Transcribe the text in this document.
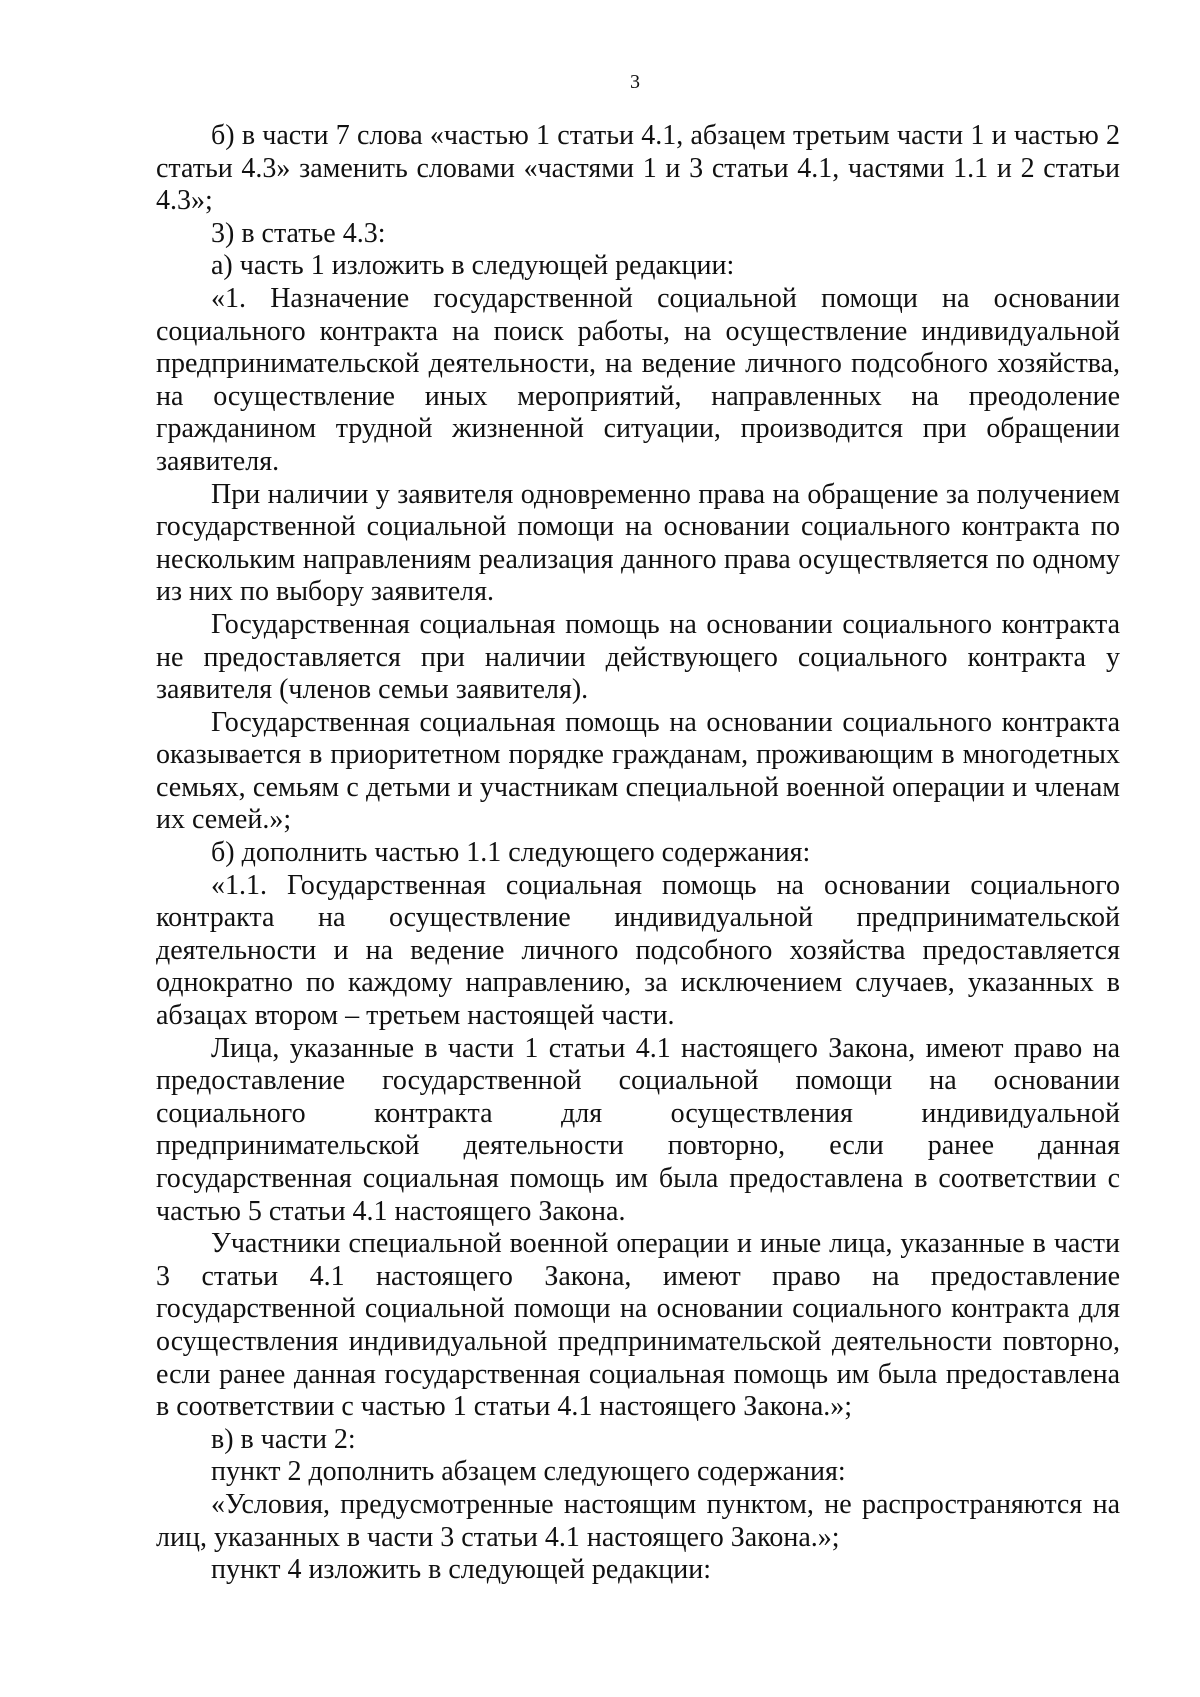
3

б) в части 7 слова «частью 1 статьи 4.1, абзацем третьим части 1 и частью 2 статьи 4.3» заменить словами «частями 1 и 3 статьи 4.1, частями 1.1 и 2 статьи 4.3»;

3) в статье 4.3:

а) часть 1 изложить в следующей редакции:

«1. Назначение государственной социальной помощи на основании социального контракта на поиск работы, на осуществление индивидуальной предпринимательской деятельности, на ведение личного подсобного хозяйства, на осуществление иных мероприятий, направленных на преодоление гражданином трудной жизненной ситуации, производится при обращении заявителя.

При наличии у заявителя одновременно права на обращение за получением государственной социальной помощи на основании социального контракта по нескольким направлениям реализация данного права осуществляется по одному из них по выбору заявителя.

Государственная социальная помощь на основании социального контракта не предоставляется при наличии действующего социального контракта у заявителя (членов семьи заявителя).

Государственная социальная помощь на основании социального контракта оказывается в приоритетном порядке гражданам, проживающим в многодетных семьях, семьям с детьми и участникам специальной военной операции и членам их семей.»;

б) дополнить частью 1.1 следующего содержания:

«1.1. Государственная социальная помощь на основании социального контракта на осуществление индивидуальной предпринимательской деятельности и на ведение личного подсобного хозяйства предоставляется однократно по каждому направлению, за исключением случаев, указанных в абзацах втором – третьем настоящей части.

Лица, указанные в части 1 статьи 4.1 настоящего Закона, имеют право на предоставление государственной социальной помощи на основании социального контракта для осуществления индивидуальной предпринимательской деятельности повторно, если ранее данная государственная социальная помощь им была предоставлена в соответствии с частью 5 статьи 4.1 настоящего Закона.

Участники специальной военной операции и иные лица, указанные в части 3 статьи 4.1 настоящего Закона, имеют право на предоставление государственной социальной помощи на основании социального контракта для осуществления индивидуальной предпринимательской деятельности повторно, если ранее данная государственная социальная помощь им была предоставлена в соответствии с частью 1 статьи 4.1 настоящего Закона.»;

в) в части 2:

пункт 2 дополнить абзацем следующего содержания:

«Условия, предусмотренные настоящим пунктом, не распространяются на лиц, указанных в части 3 статьи 4.1 настоящего Закона.»;

пункт 4 изложить в следующей редакции:
